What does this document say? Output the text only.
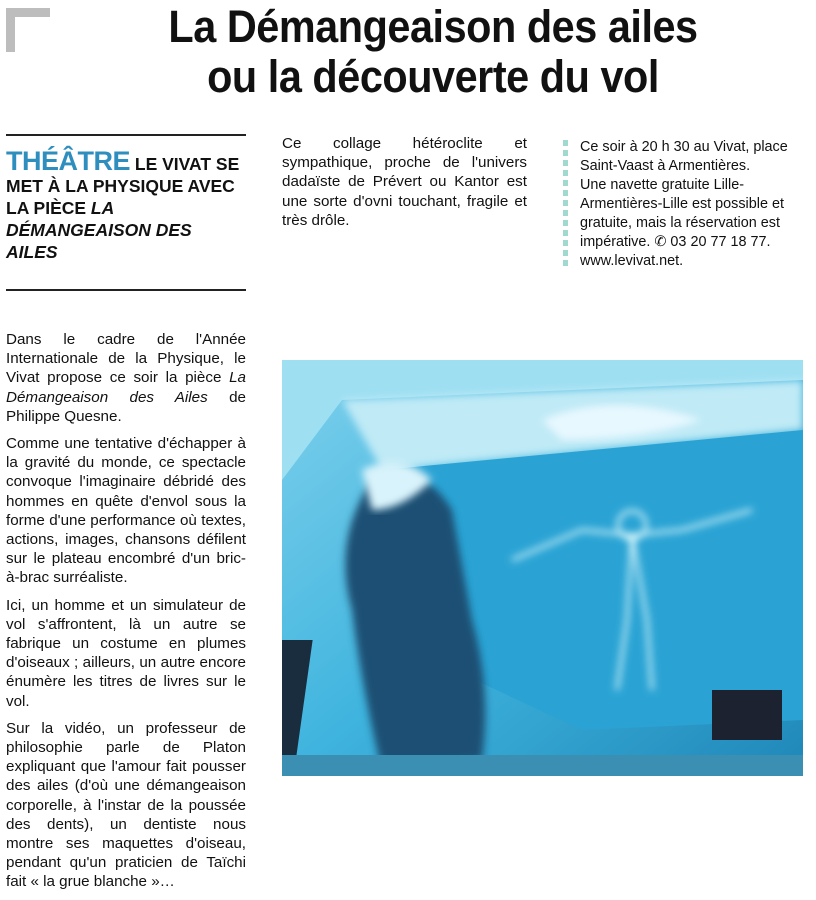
La Démangeaison des ailes
ou la découverte du vol
THÉÂTRE LE VIVAT SE MET À LA PHYSIQUE AVEC LA PIÈCE LA DÉMANGEAISON DES AILES

Dans le cadre de l'Année Internationale de la Physique, le Vivat propose ce soir la pièce La Démangeaison des Ailes de Philippe Quesne.

Comme une tentative d'échapper à la gravité du monde, ce spectacle convoque l'imaginaire débridé des hommes en quête d'envol sous la forme d'une performance où textes, actions, images, chansons défilent sur le plateau encombré d'un bric-à-brac surréaliste.

Ici, un homme et un simulateur de vol s'affrontent, là un autre se fabrique un costume en plumes d'oiseaux ; ailleurs, un autre encore énumère les titres de livres sur le vol.

Sur la vidéo, un professeur de philosophie parle de Platon expliquant que l'amour fait pousser des ailes (d'où une démangeaison corporelle, à l'instar de la poussée des dents), un dentiste nous montre ses maquettes d'oiseau, pendant qu'un praticien de Taïchi fait « la grue blanche »…

Ce collage hétéroclite et sympathique, proche de l'univers dadaïste de Prévert ou Kantor est une sorte d'ovni touchant, fragile et très drôle.

Ce soir à 20 h 30 au Vivat, place Saint-Vaast à Armentières.
Une navette gratuite Lille-Armentières-Lille est possible et gratuite, mais la réservation est impérative. ✆ 03 20 77 18 77.
www.levivat.net.
